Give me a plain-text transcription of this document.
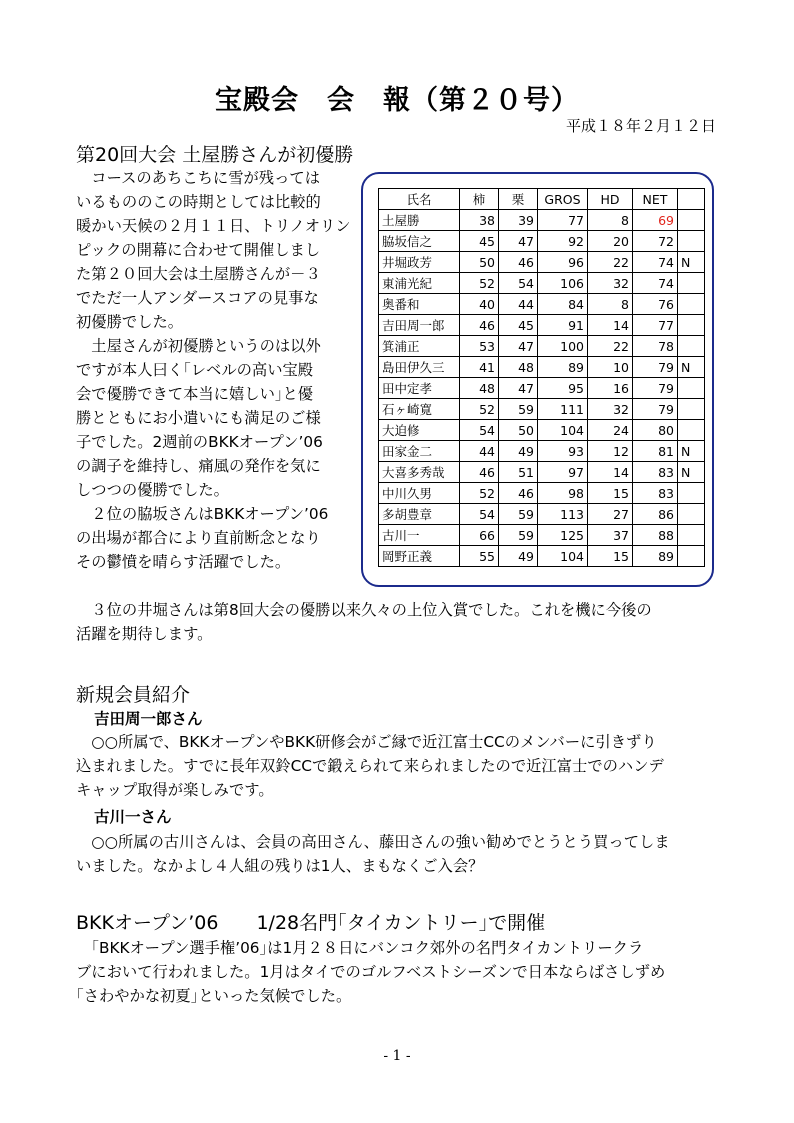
宝殿会　会　報（第２０号）
平成１８年２月１２日
第20回大会 土屋勝さんが初優勝
　コースのあちこちに雪が残っては
いるもののこの時期としては比較的
暖かい天候の２月１１日、トリノオリン
ピックの開幕に合わせて開催しまし
た第２０回大会は土屋勝さんが－３
でただ一人アンダースコアの見事な
初優勝でした。
　土屋さんが初優勝というのは以外
ですが本人曰く｢レベルの高い宝殿
会で優勝できて本当に嬉しい｣と優
勝とともにお小遣いにも満足のご様
子でした。2週前のBKKオープン’06
の調子を維持し、痛風の発作を気に
しつつの優勝でした。
　２位の脇坂さんはBKKオープン’06
の出場が都合により直前断念となり
その鬱憤を晴らす活躍でした。
　３位の井堀さんは第8回大会の優勝以来久々の上位入賞でした。これを機に今後の
活躍を期待します。
氏名	柿	栗	GROS	HD	NET	
土屋勝	38	39	77	8	69	
脇坂信之	45	47	92	20	72	
井堀政芳	50	46	96	22	74	N
東浦光紀	52	54	106	32	74	
奥番和	40	44	84	8	76	
吉田周一郎	46	45	91	14	77	
箕浦正	53	47	100	22	78	
島田伊久三	41	48	89	10	79	N
田中定孝	48	47	95	16	79	
石ヶ崎寛	52	59	111	32	79	
大迫修	54	50	104	24	80	
田家金二	44	49	93	12	81	N
大喜多秀哉	46	51	97	14	83	N
中川久男	52	46	98	15	83	
多胡豊章	54	59	113	27	86	
古川一	66	59	125	37	88	
岡野正義	55	49	104	15	89	
新規会員紹介
吉田周一郎さん
　○○所属で、BKKオープンやBKK研修会がご縁で近江富士CCのメンバーに引きずり
込まれました。すでに長年双鈴CCで鍛えられて来られましたので近江富士でのハンデ
キャップ取得が楽しみです。
古川一さん
　○○所属の古川さんは、会員の高田さん、藤田さんの強い勧めでとうとう買ってしま
いました。なかよし４人組の残りは1人、まもなくご入会？
BKKオープン’06　　1/28名門｢タイカントリー｣で開催
　｢BKKオープン選手権’06｣は1月２８日にバンコク郊外の名門タイカントリークラ
ブにおいて行われました。1月はタイでのゴルフベストシーズンで日本ならばさしずめ
｢さわやかな初夏｣といった気候でした。
- 1 -
